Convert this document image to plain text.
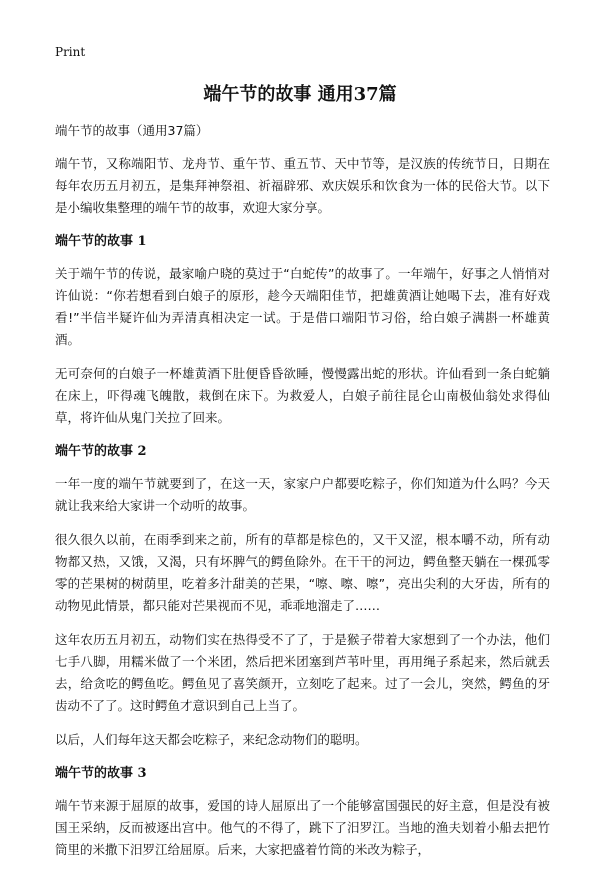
Print
端午节的故事 通用37篇

端午节的故事（通用37篇）

端午节，又称端阳节、龙舟节、重午节、重五节、天中节等，是汉族的传统节日，日期在每年农历五月初五，是集拜神祭祖、祈福辟邪、欢庆娱乐和饮食为一体的民俗大节。以下是小编收集整理的端午节的故事，欢迎大家分享。

端午节的故事 1

关于端午节的传说，最家喻户晓的莫过于“白蛇传”的故事了。一年端午，好事之人悄悄对许仙说：“你若想看到白娘子的原形，趁今天端阳佳节，把雄黄酒让她喝下去，准有好戏看!”半信半疑许仙为弄清真相决定一试。于是借口端阳节习俗，给白娘子满斟一杯雄黄酒。

无可奈何的白娘子一杯雄黄酒下肚便昏昏欲睡，慢慢露出蛇的形状。许仙看到一条白蛇躺在床上，吓得魂飞魄散，栽倒在床下。为救爱人，白娘子前往昆仑山南极仙翁处求得仙草，将许仙从鬼门关拉了回来。

端午节的故事 2

一年一度的端午节就要到了，在这一天，家家户户都要吃粽子，你们知道为什么吗？今天就让我来给大家讲一个动听的故事。

很久很久以前，在雨季到来之前，所有的草都是棕色的，又干又涩，根本嚼不动，所有动物都又热，又饿，又渴，只有坏脾气的鳄鱼除外。在干干的河边，鳄鱼整天躺在一棵孤零零的芒果树的树荫里，吃着多汁甜美的芒果，“嚓、嚓、嚓”，亮出尖利的大牙齿，所有的动物见此情景，都只能对芒果视而不见，乖乖地溜走了……

这年农历五月初五，动物们实在热得受不了了，于是猴子带着大家想到了一个办法，他们七手八脚，用糯米做了一个米团，然后把米团塞到芦苇叶里，再用绳子系起来，然后就丢去，给贪吃的鳄鱼吃。鳄鱼见了喜笑颜开，立刻吃了起来。过了一会儿，突然，鳄鱼的牙齿动不了了。这时鳄鱼才意识到自己上当了。

以后，人们每年这天都会吃粽子，来纪念动物们的聪明。

端午节的故事 3

端午节来源于屈原的故事，爱国的诗人屈原出了一个能够富国强民的好主意，但是没有被国王采纳，反而被逐出宫中。他气的不得了，跳下了汨罗江。当地的渔夫划着小船去把竹筒里的米撒下汨罗江给屈原。后来，大家把盛着竹筒的米改为粽子，
